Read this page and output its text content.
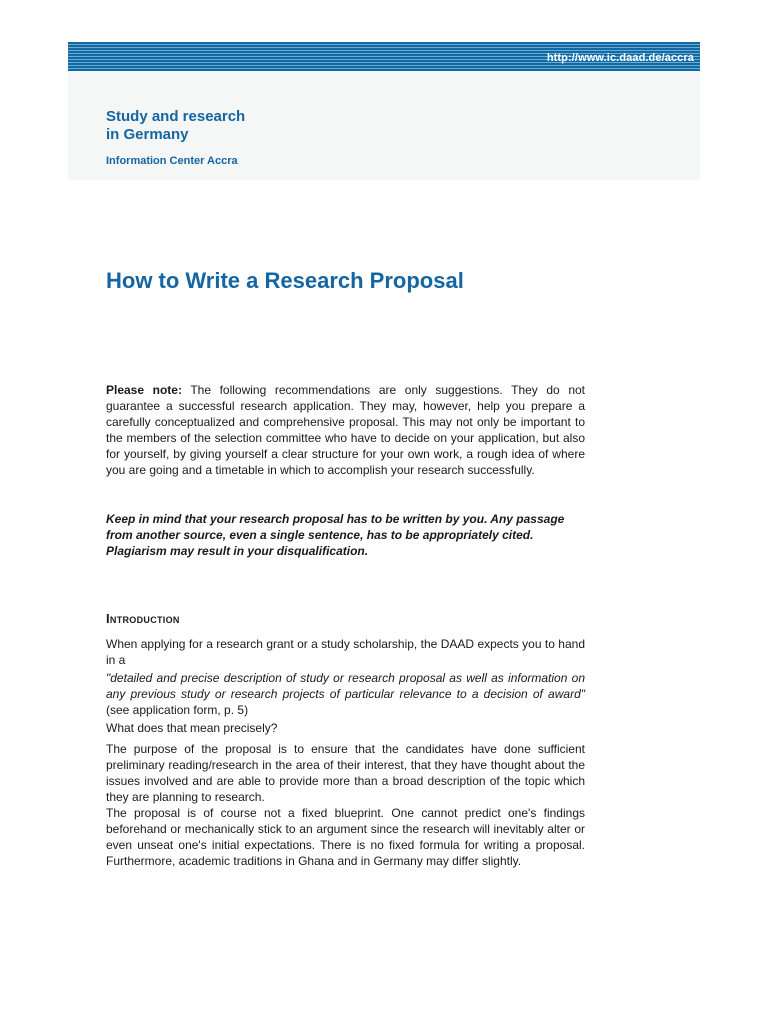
http://www.ic.daad.de/accra
Study and research
in Germany
Information Center Accra
How to Write a Research Proposal

Please note: The following recommendations are only suggestions. They do not guarantee a successful research application. They may, however, help you prepare a carefully conceptualized and comprehensive proposal. This may not only be important to the members of the selection committee who have to decide on your application, but also for yourself, by giving yourself a clear structure for your own work, a rough idea of where you are going and a timetable in which to accomplish your research successfully.

Keep in mind that your research proposal has to be written by you. Any passage from another source, even a single sentence, has to be appropriately cited. Plagiarism may result in your disqualification.

Introduction

When applying for a research grant or a study scholarship, the DAAD expects you to hand in a

"detailed and precise description of study or research proposal as well as information on any previous study or research projects of particular relevance to a decision of award" (see application form, p. 5)

What does that mean precisely?

The purpose of the proposal is to ensure that the candidates have done sufficient preliminary reading/research in the area of their interest, that they have thought about the issues involved and are able to provide more than a broad description of the topic which they are planning to research.

The proposal is of course not a fixed blueprint. One cannot predict one's findings beforehand or mechanically stick to an argument since the research will inevitably alter or even unseat one's initial expectations. There is no fixed formula for writing a proposal. Furthermore, academic traditions in Ghana and in Germany may differ slightly.
